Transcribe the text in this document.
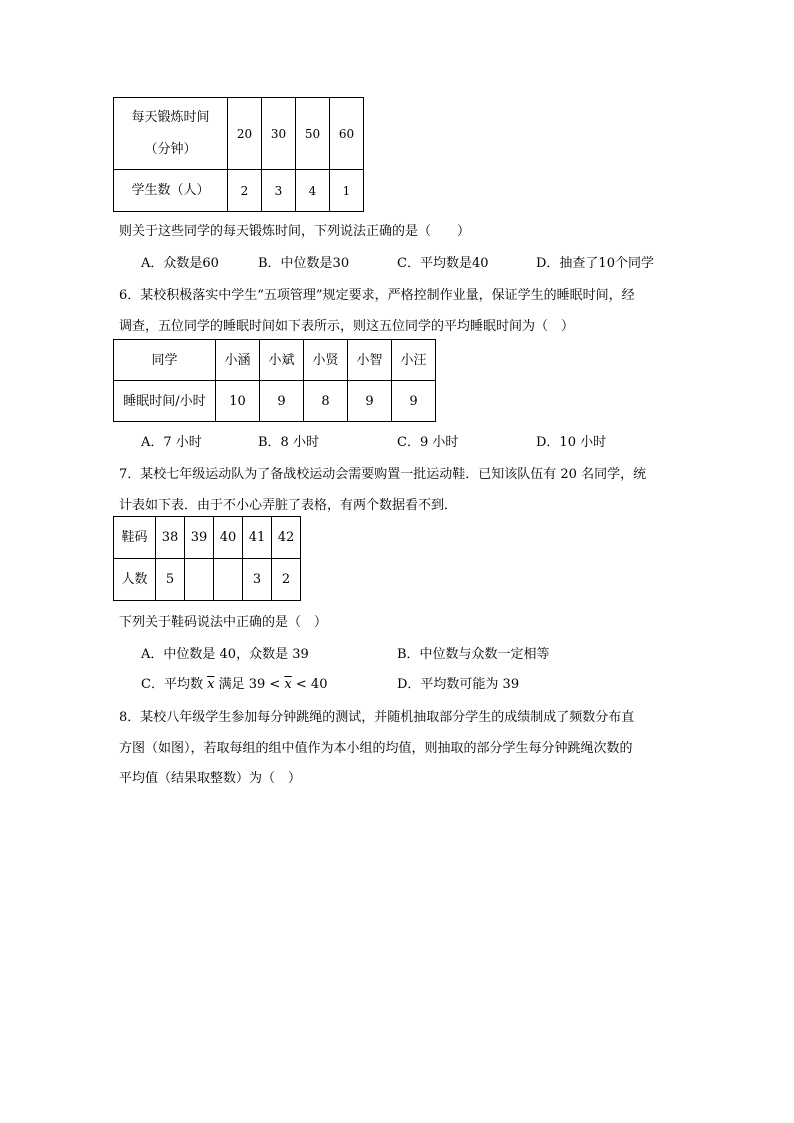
每天锻炼时间
（分钟）	20	30	50	60
学生数（人）	2	3	4	1
则关于这些同学的每天锻炼时间，下列说法正确的是（　　）
A．众数是60	B．中位数是30	C．平均数是40	D．抽查了10个同学
6．某校积极落实中学生“五项管理”规定要求，严格控制作业量，保证学生的睡眠时间，经
调查，五位同学的睡眠时间如下表所示，则这五位同学的平均睡眠时间为（　）
同学	小涵	小斌	小贤	小智	小汪
睡眠时间/小时	10	9	8	9	9
A．7 小时	B．8 小时	C．9 小时	D．10 小时
7．某校七年级运动队为了备战校运动会需要购置一批运动鞋．已知该队伍有 20 名同学，统
计表如下表．由于不小心弄脏了表格，有两个数据看不到．
鞋码	38	39	40	41	42
人数	5			3	2
下列关于鞋码说法中正确的是（　）
A．中位数是 40，众数是 39	B．中位数与众数一定相等
C．平均数 $\overline{x}$ 满足 $39 < \overline{x} < 40$	D．平均数可能为 39
8．某校八年级学生参加每分钟跳绳的测试，并随机抽取部分学生的成绩制成了频数分布直
方图（如图），若取每组的组中值作为本小组的均值，则抽取的部分学生每分钟跳绳次数的
平均值（结果取整数）为（　）
